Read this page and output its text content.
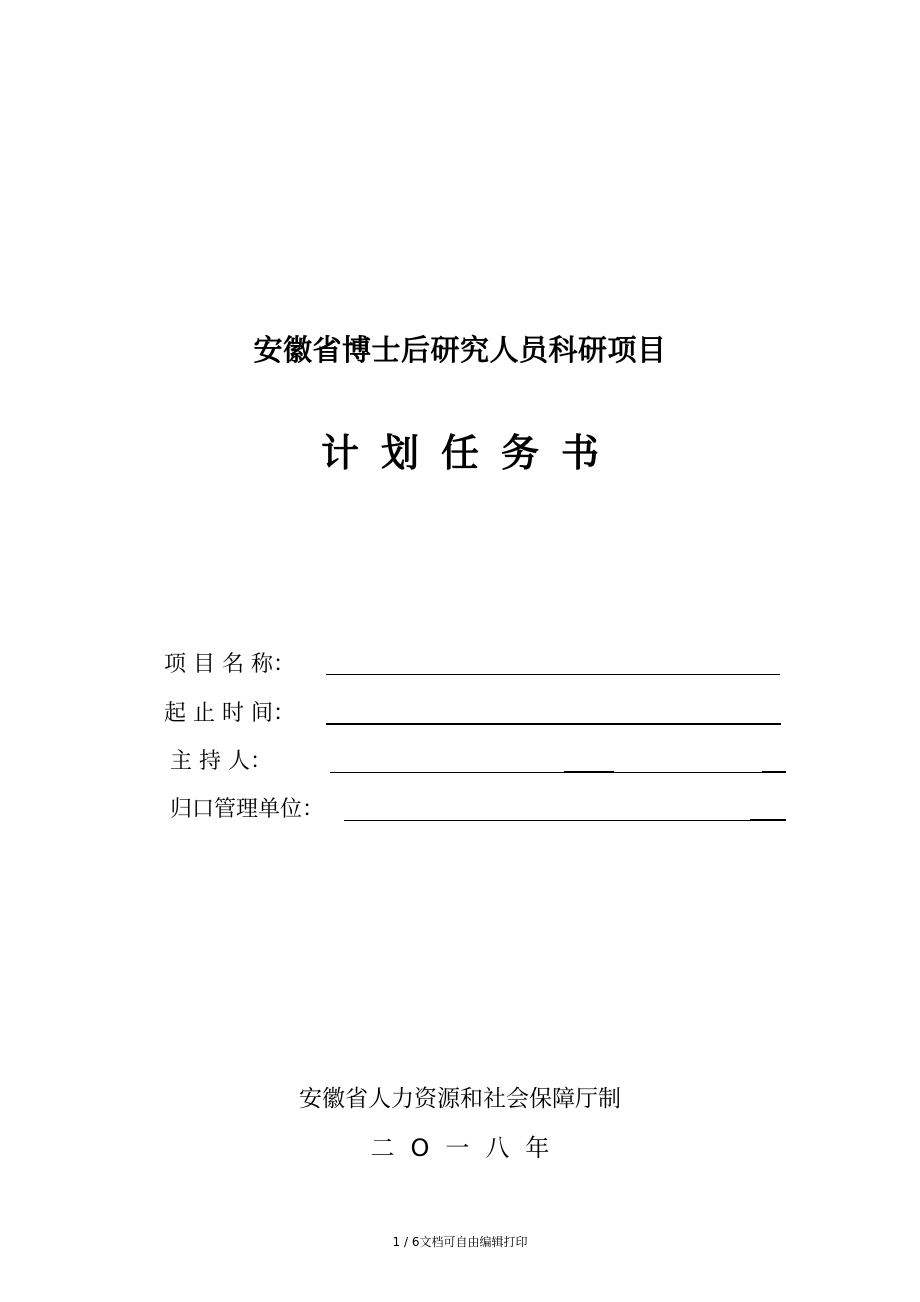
安徽省博士后研究人员科研项目
计划任务书
项 目 名 称：
起 止 时 间：
主 持 人：
归口管理单位：
安徽省人力资源和社会保障厅制
二O一八年
1 / 6文档可自由编辑打印
